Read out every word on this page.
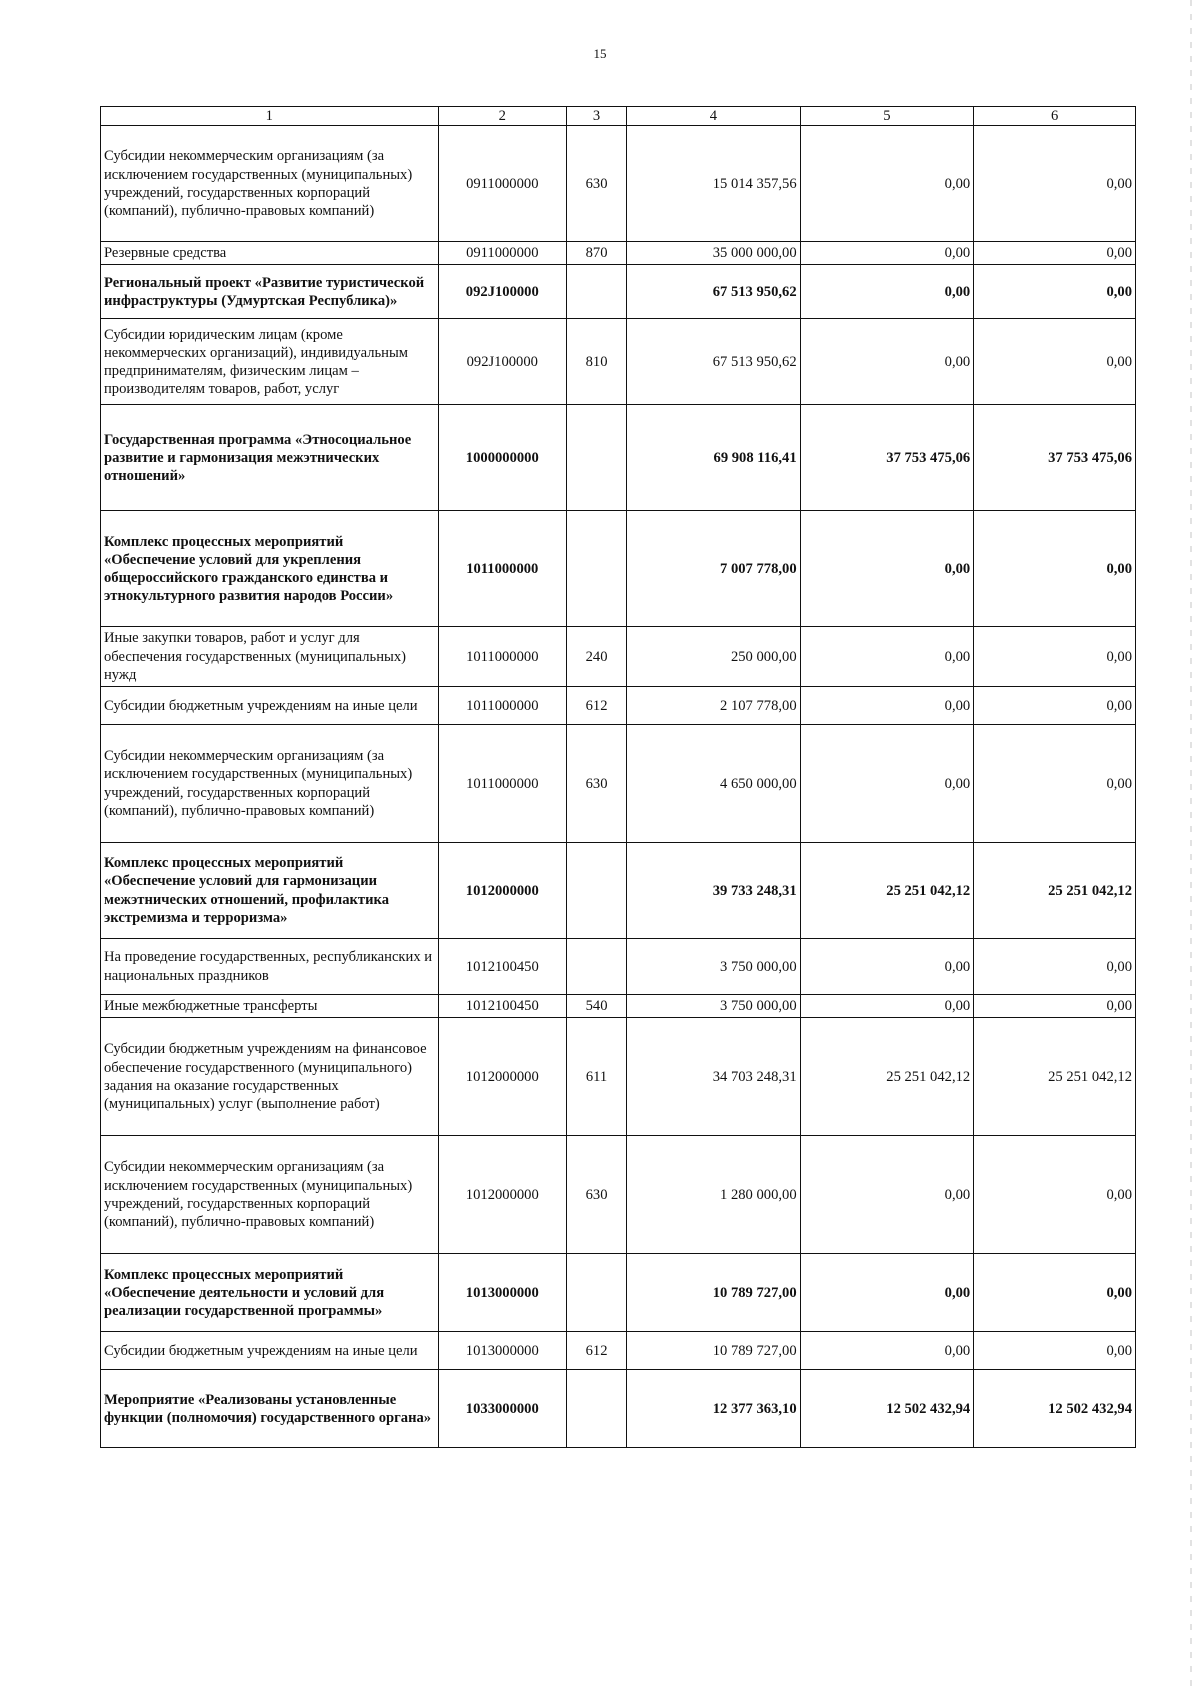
15
1	2	3	4	5	6
Субсидии некоммерческим организациям (за исключением государственных (муниципальных) учреждений, государственных корпораций (компаний), публично-правовых компаний)	0911000000	630	15 014 357,56	0,00	0,00
Резервные средства	0911000000	870	35 000 000,00	0,00	0,00
Региональный проект «Развитие туристической инфраструктуры (Удмуртская Республика)»	092J100000		67 513 950,62	0,00	0,00
Субсидии юридическим лицам (кроме некоммерческих организаций), индивидуальным предпринимателям, физическим лицам – производителям товаров, работ, услуг	092J100000	810	67 513 950,62	0,00	0,00
Государственная программа «Этносоциальное развитие и гармонизация межэтнических отношений»	1000000000		69 908 116,41	37 753 475,06	37 753 475,06
Комплекс процессных мероприятий «Обеспечение условий для укрепления общероссийского гражданского единства и этнокультурного развития народов России»	1011000000		7 007 778,00	0,00	0,00
Иные закупки товаров, работ и услуг для обеспечения государственных (муниципальных) нужд	1011000000	240	250 000,00	0,00	0,00
Субсидии бюджетным учреждениям на иные цели	1011000000	612	2 107 778,00	0,00	0,00
Субсидии некоммерческим организациям (за исключением государственных (муниципальных) учреждений, государственных корпораций (компаний), публично-правовых компаний)	1011000000	630	4 650 000,00	0,00	0,00
Комплекс процессных мероприятий «Обеспечение условий для гармонизации межэтнических отношений, профилактика экстремизма и терроризма»	1012000000		39 733 248,31	25 251 042,12	25 251 042,12
На проведение государственных, республиканских и национальных праздников	1012100450		3 750 000,00	0,00	0,00
Иные межбюджетные трансферты	1012100450	540	3 750 000,00	0,00	0,00
Субсидии бюджетным учреждениям на финансовое обеспечение государственного (муниципального) задания на оказание государственных (муниципальных) услуг (выполнение работ)	1012000000	611	34 703 248,31	25 251 042,12	25 251 042,12
Субсидии некоммерческим организациям (за исключением государственных (муниципальных) учреждений, государственных корпораций (компаний), публично-правовых компаний)	1012000000	630	1 280 000,00	0,00	0,00
Комплекс процессных мероприятий «Обеспечение деятельности и условий для реализации государственной программы»	1013000000		10 789 727,00	0,00	0,00
Субсидии бюджетным учреждениям на иные цели	1013000000	612	10 789 727,00	0,00	0,00
Мероприятие «Реализованы установленные функции (полномочия) государственного органа»	1033000000		12 377 363,10	12 502 432,94	12 502 432,94
